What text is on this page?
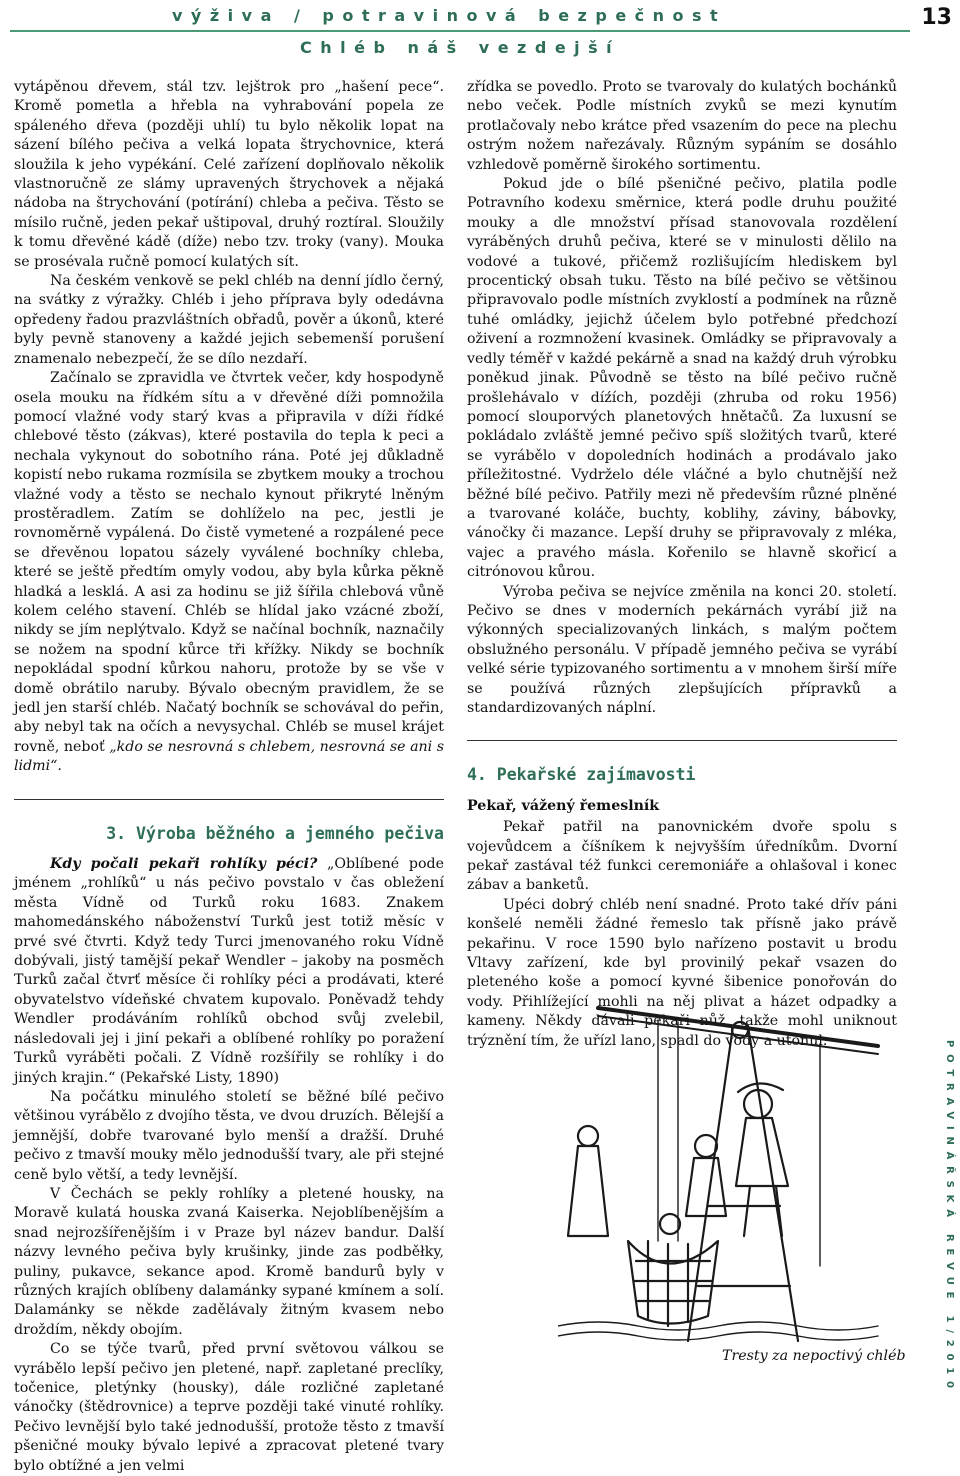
výživa / potravinová bezpečnost
Chléb náš vezdejší
13
POTRAVINÁŘSKÁ REVUE 1/2010

vytápěnou dřevem, stál tzv. lejštrok pro „hašení pece“. Kromě pometla a hřebla na vyhrabování popela ze spáleného dřeva (později uhlí) tu bylo několik lopat na sázení bílého pečiva a velká lopata štrychovnice, která sloužila k jeho vypékání. Celé zařízení doplňovalo několik vlastnoručně ze slámy upravených štrychovek a nějaká nádoba na štrychování (potírání) chleba a pečiva. Těsto se mísilo ručně, jeden pekař uštipoval, druhý roztíral. Sloužily k tomu dřevěné kádě (díže) nebo tzv. troky (vany). Mouka se prosévala ručně pomocí kulatých sít.

Na českém venkově se pekl chléb na denní jídlo černý, na svátky z výražky. Chléb i jeho příprava byly odedávna opředeny řadou prazvláštních obřadů, pověr a úkonů, které byly pevně stanoveny a každé jejich sebemenší porušení znamenalo nebezpečí, že se dílo nezdaří.

Začínalo se zpravidla ve čtvrtek večer, kdy hospodyně osela mouku na řídkém sítu a v dřevěné díži pomnožila pomocí vlažné vody starý kvas a připravila v díži řídké chlebové těsto (zákvas), které postavila do tepla k peci a nechala vykynout do sobotního rána. Poté jej důkladně kopistí nebo rukama rozmísila se zbytkem mouky a trochou vlažné vody a těsto se nechalo kynout přikryté lněným prostěradlem. Zatím se dohlíželo na pec, jestli je rovnoměrně vypálená. Do čistě vymetené a rozpálené pece se dřevěnou lopatou sázely vyválené bochníky chleba, které se ještě předtím omyly vodou, aby byla kůrka pěkně hladká a lesklá. A asi za hodinu se již šířila chlebová vůně kolem celého stavení. Chléb se hlídal jako vzácné zboží, nikdy se jím neplýtvalo. Když se načínal bochník, naznačily se nožem na spodní kůrce tři křížky. Nikdy se bochník nepokládal spodní kůrkou nahoru, protože by se vše v domě obrátilo naruby. Bývalo obecným pravidlem, že se jedl jen starší chléb. Načatý bochník se schovával do peřin, aby nebyl tak na očích a nevysychal. Chléb se musel krájet rovně, neboť „kdo se nesrovná s chlebem, nesrovná se ani s lidmi“.

3. Výroba běžného a jemného pečiva

Kdy počali pekaři rohlíky péci? „Oblíbené pode jménem „rohlíků“ u nás pečivo povstalo v čas obležení města Vídně od Turků roku 1683. Znakem mahomedánského náboženství Turků jest totiž měsíc v prvé své čtvrti. Když tedy Turci jmenovaného roku Vídně dobývali, jistý tamější pekař Wendler – jakoby na posměch Turků začal čtvrť měsíce či rohlíky péci a prodávati, které obyvatelstvo vídeňské chvatem kupovalo. Poněvadž tehdy Wendler prodáváním rohlíků obchod svůj zvelebil, následovali jej i jiní pekaři a oblíbené rohlíky po poražení Turků vyráběti počali. Z Vídně rozšířily se rohlíky i do jiných krajin.“ (Pekařské Listy, 1890)

Na počátku minulého století se běžné bílé pečivo většinou vyrábělo z dvojího těsta, ve dvou druzích. Bělejší a jemnější, dobře tvarované bylo menší a dražší. Druhé pečivo z tmavší mouky mělo jednodušší tvary, ale při stejné ceně bylo větší, a tedy levnější.

V Čechách se pekly rohlíky a pletené housky, na Moravě kulatá houska zvaná Kaiserka. Nejoblíbenějším a snad nejrozšířenějším i v Praze byl název bandur. Další názvy levného pečiva byly krušinky, jinde zas podběłky, puliny, pukavce, sekance apod. Kromě bandurů byly v různých krajích oblíbeny dalamánky sypané kmínem a solí. Dalamánky se někde zadělávaly žitným kvasem nebo droždím, někdy obojím.

Co se týče tvarů, před první světovou válkou se vyrábělo lepší pečivo jen pletené, např. zapletané preclíky, točenice, pletýnky (housky), dále rozličné zapletané vánočky (štědrovnice) a teprve později také vinuté rohlíky. Pečivo levnější bylo také jednodušší, protože těsto z tmavší pšeničné mouky bývalo lepivé a zpracovat pletené tvary bylo obtížné a jen velmi

zřídka se povedlo. Proto se tvarovaly do kulatých bochánků nebo veček. Podle místních zvyků se mezi kynutím protlačovaly nebo krátce před vsazením do pece na plechu ostrým nožem nařezávaly. Různým sypáním se dosáhlo vzhledově poměrně širokého sortimentu.

Pokud jde o bílé pšeničné pečivo, platila podle Potravního kodexu směrnice, která podle druhu použité mouky a dle množství přísad stanovovala rozdělení vyráběných druhů pečiva, které se v minulosti dělilo na vodové a tukové, přičemž rozlišujícím hlediskem byl procentický obsah tuku. Těsto na bílé pečivo se většinou připravovalo podle místních zvyklostí a podmínek na různě tuhé omládky, jejichž účelem bylo potřebné předchozí oživení a rozmnožení kvasinek. Omládky se připravovaly a vedly téměř v každé pekárně a snad na každý druh výrobku poněkud jinak. Původně se těsto na bílé pečivo ručně prošlehávalo v díźích, později (zhruba od roku 1956) pomocí slouporvých planetových hnětačů. Za luxusní se pokládalo zvláště jemné pečivo spíš složitých tvarů, které se vyrábělo v dopoledních hodinách a prodávalo jako příležitostné. Vydrželo déle vláčné a bylo chutnější než běžné bílé pečivo. Patřily mezi ně především různé plněné a tvarované koláče, buchty, koblihy, záviny, bábovky, vánočky či mazance. Lepší druhy se připravovaly z mléka, vajec a pravého másla. Kořenilo se hlavně skořicí a citrónovou kůrou.

Výroba pečiva se nejvíce změnila na konci 20. století. Pečivo se dnes v moderních pekárnách vyrábí již na výkonných specializovaných linkách, s malým počtem obslužného personálu. V případě jemného pečiva se vyrábí velké série typizovaného sortimentu a v mnohem širší míře se používá různých zlepšujících přípravků a standardizovaných náplní.

4. Pekařské zajímavosti
Pekař, vážený řemeslník

Pekař patřil na panovnickém dvoře spolu s vojevůdcem a číšníkem k nejvyšším úředníkům. Dvorní pekař zastával též funkci ceremoniáře a ohlašoval i konec zábav a banketů.

Upéci dobrý chléb není snadné. Proto také dřív páni konšelé neměli žádné řemeslo tak přísně jako právě pekařinu. V roce 1590 bylo nařízeno postavit u brodu Vltavy zařízení, kde byl provinilý pekař vsazen do pleteného koše a pomocí kyvné šibenice ponořován do vody. Přihlížející mohli na něj plivat a házet odpadky a kameny. Někdy dávali pekaři nůž, takže mohl uniknout trýznění tím, že uřízl lano, spadl do vody a utonul.

Tresty za nepoctivý chléb
